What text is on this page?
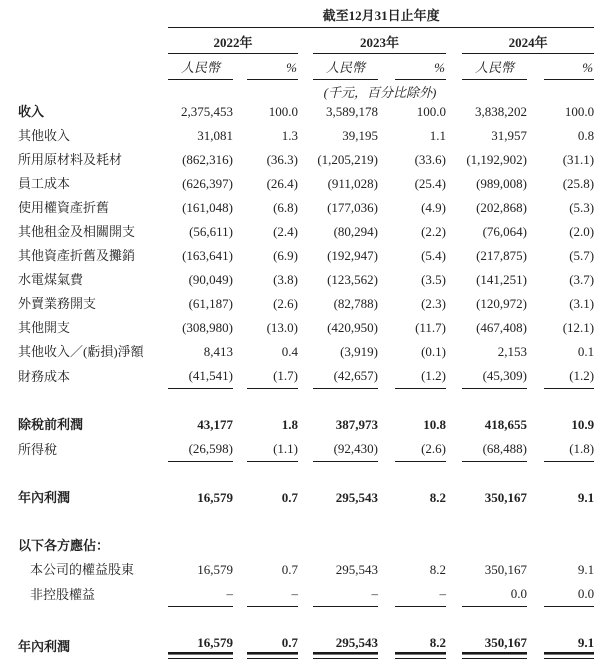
	截至12月31日止年度										
	2022年				2023年				2024年		
	人民幣		%		人民幣		%		人民幣		%
				(千元，百分比除外)							
收入	2,375,453		100.0		3,589,178		100.0		3,838,202		100.0
其他收入	31,081		1.3		39,195		1.1		31,957		0.8
所用原材料及耗材	(862,316)		(36.3)		(1,205,219)		(33.6)		(1,192,902)		(31.1)
員工成本	(626,397)		(26.4)		(911,028)		(25.4)		(989,008)		(25.8)
使用權資產折舊	(161,048)		(6.8)		(177,036)		(4.9)		(202,868)		(5.3)
其他租金及相關開支	(56,611)		(2.4)		(80,294)		(2.2)		(76,064)		(2.0)
其他資產折舊及攤銷	(163,641)		(6.9)		(192,947)		(5.4)		(217,875)		(5.7)
水電煤氣費	(90,049)		(3.8)		(123,562)		(3.5)		(141,251)		(3.7)
外賣業務開支	(61,187)		(2.6)		(82,788)		(2.3)		(120,972)		(3.1)
其他開支	(308,980)		(13.0)		(420,950)		(11.7)		(467,408)		(12.1)
其他收入／(虧損)淨額	8,413		0.4		(3,919)		(0.1)		2,153		0.1
財務成本	(41,541)		(1.7)		(42,657)		(1.2)		(45,309)		(1.2)

除稅前利潤	43,177		1.8		387,973		10.8		418,655		10.9
所得稅	(26,598)		(1.1)		(92,430)		(2.6)		(68,488)		(1.8)

年內利潤	16,579		0.7		295,543		8.2		350,167		9.1

以下各方應佔：											
本公司的權益股東	16,579		0.7		295,543		8.2		350,167		9.1
非控股權益	–		–		–		–		0.0		0.0

年內利潤	16,579		0.7		295,543		8.2		350,167		9.1
